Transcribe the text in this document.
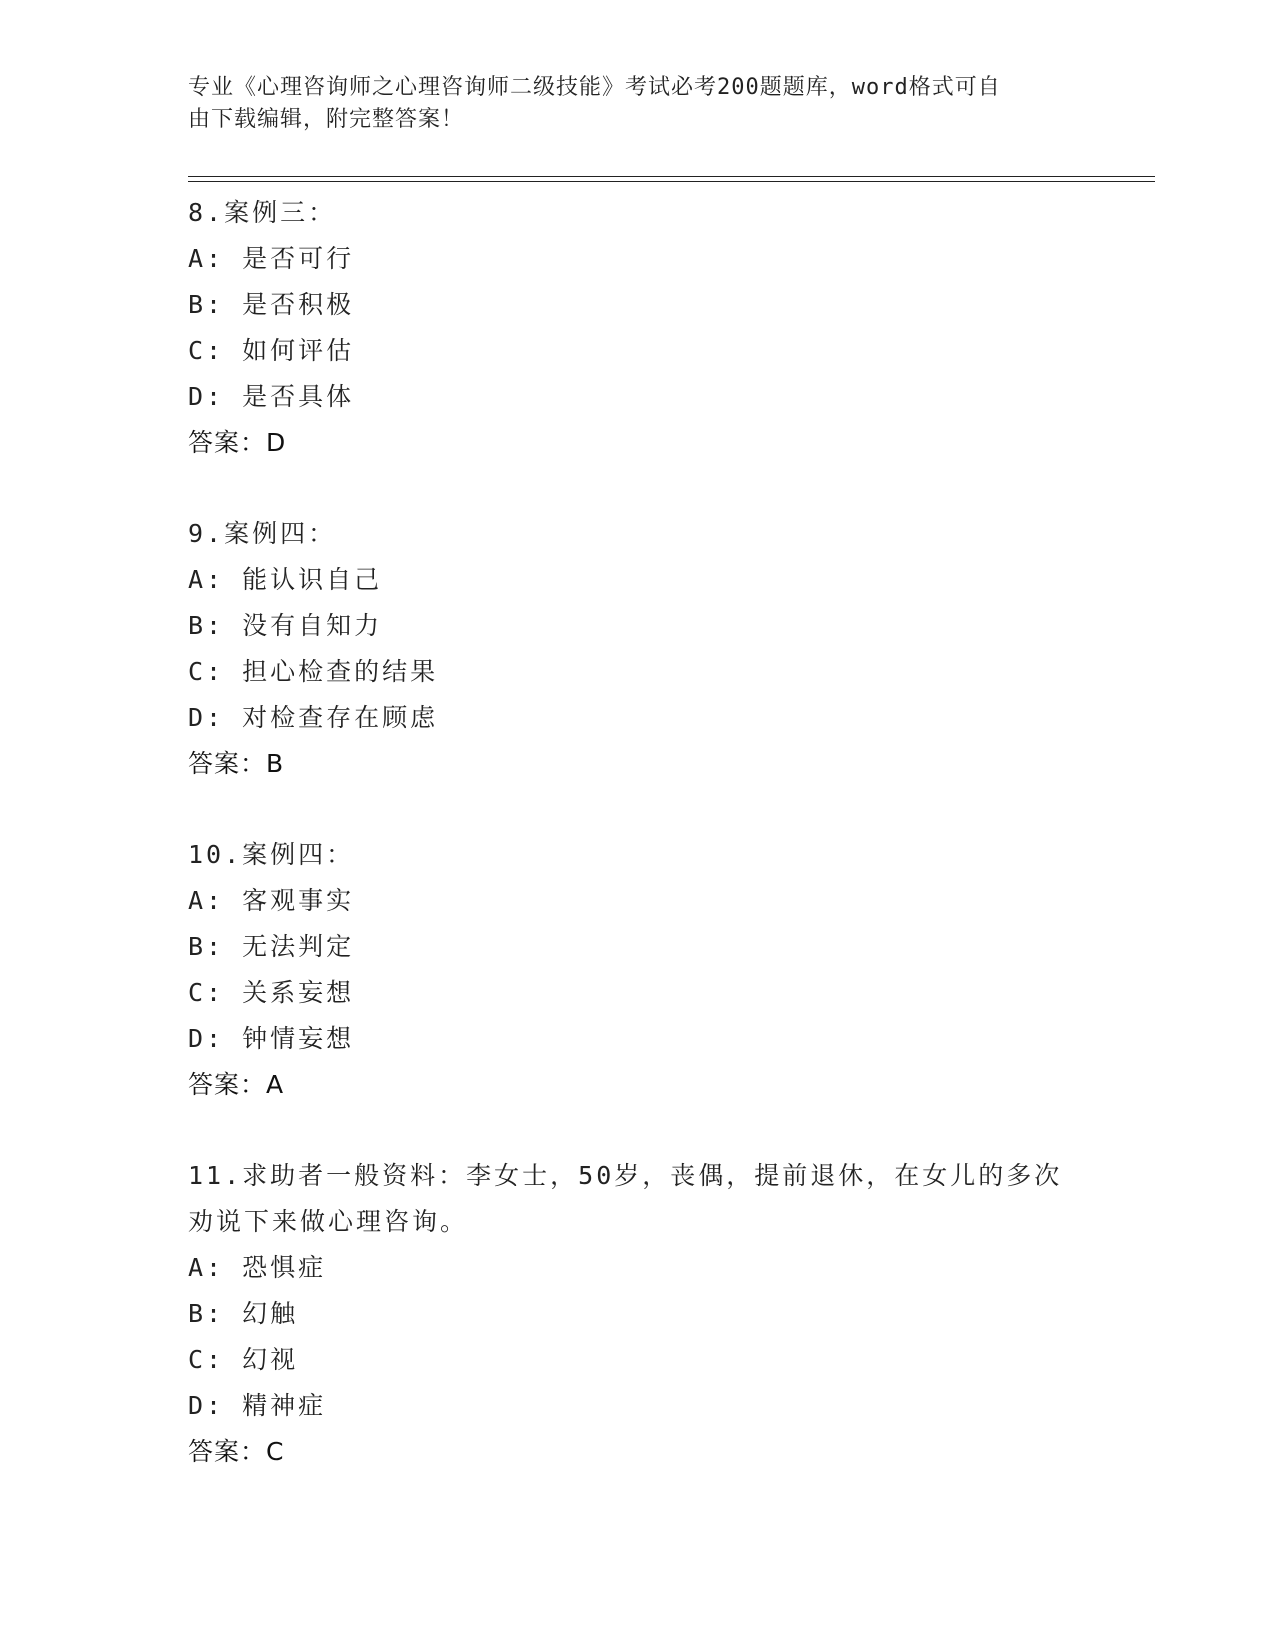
专业《心理咨询师之心理咨询师二级技能》考试必考200题题库，word格式可自
由下载编辑，附完整答案！
8.案例三：
A: 是否可行
B: 是否积极
C: 如何评估
D: 是否具体
答案：D
9.案例四：
A: 能认识自己
B: 没有自知力
C: 担心检查的结果
D: 对检查存在顾虑
答案：B
10.案例四：
A: 客观事实
B: 无法判定
C: 关系妄想
D: 钟情妄想
答案：A
11.求助者一般资料：李女士，50岁，丧偶，提前退休，在女儿的多次劝说下来做心理咨询。
A: 恐惧症
B: 幻触
C: 幻视
D: 精神症
答案：C
